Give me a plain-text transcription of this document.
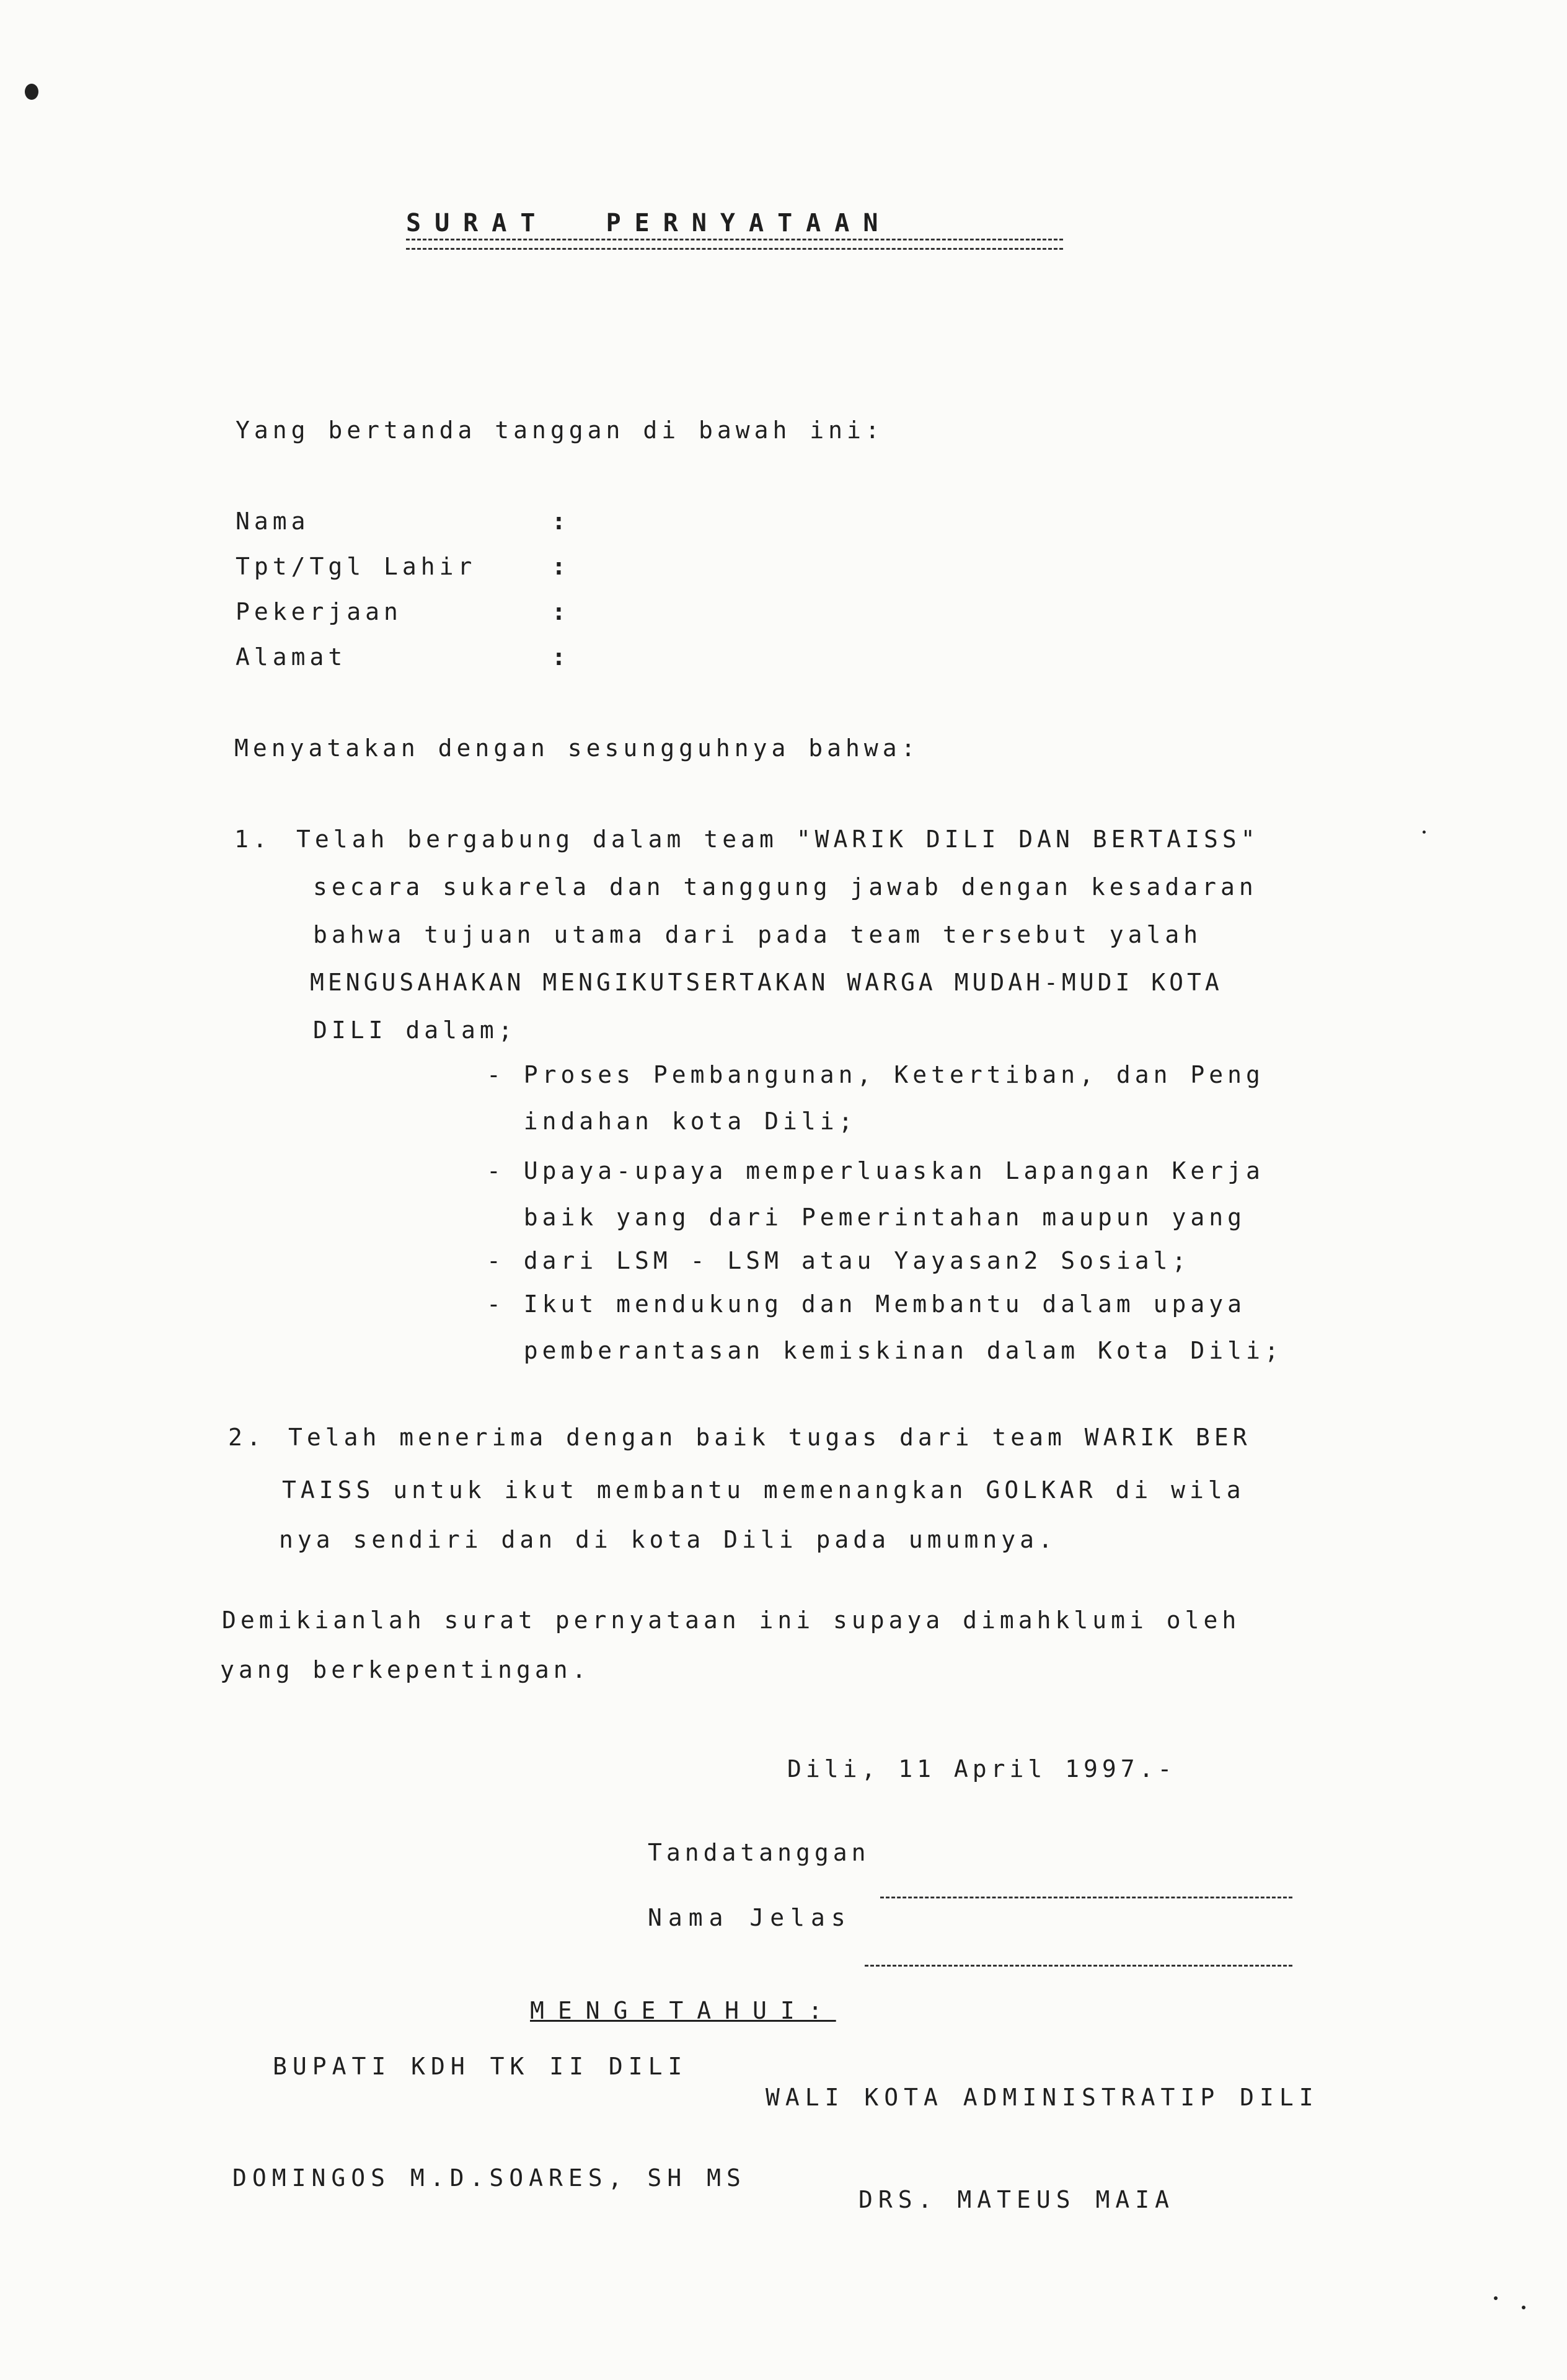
SURAT  PERNYATAAN
Yang bertanda tanggan di bawah ini:
Nama	:
Tpt/Tgl Lahir	:
Pekerjaan	:
Alamat	:
Menyatakan dengan sesungguhnya bahwa:
1. Telah bergabung dalam team "WARIK DILI DAN BERTAISS"
secara sukarela dan tanggung jawab dengan kesadaran
bahwa tujuan utama dari pada team tersebut yalah
MENGUSAHAKAN MENGIKUTSERTAKAN WARGA MUDAH-MUDI KOTA
DILI dalam;
- Proses Pembangunan, Ketertiban, dan Peng
indahan kota Dili;
- Upaya-upaya memperluaskan Lapangan Kerja
baik yang dari Pemerintahan maupun yang
- dari LSM - LSM atau Yayasan2 Sosial;
- Ikut mendukung dan Membantu dalam upaya
pemberantasan kemiskinan dalam Kota Dili;
2. Telah menerima dengan baik tugas dari team WARIK BER
TAISS untuk ikut membantu memenangkan GOLKAR di wila
nya sendiri dan di kota Dili pada umumnya.
Demikianlah surat pernyataan ini supaya dimahklumi oleh
yang berkepentingan.
Dili, 11 April 1997.-
Tandatanggan
Nama Jelas
MENGETAHUI:
BUPATI KDH TK II DILI
WALI KOTA ADMINISTRATIP DILI
DOMINGOS M.D.SOARES, SH MS
DRS. MATEUS MAIA
